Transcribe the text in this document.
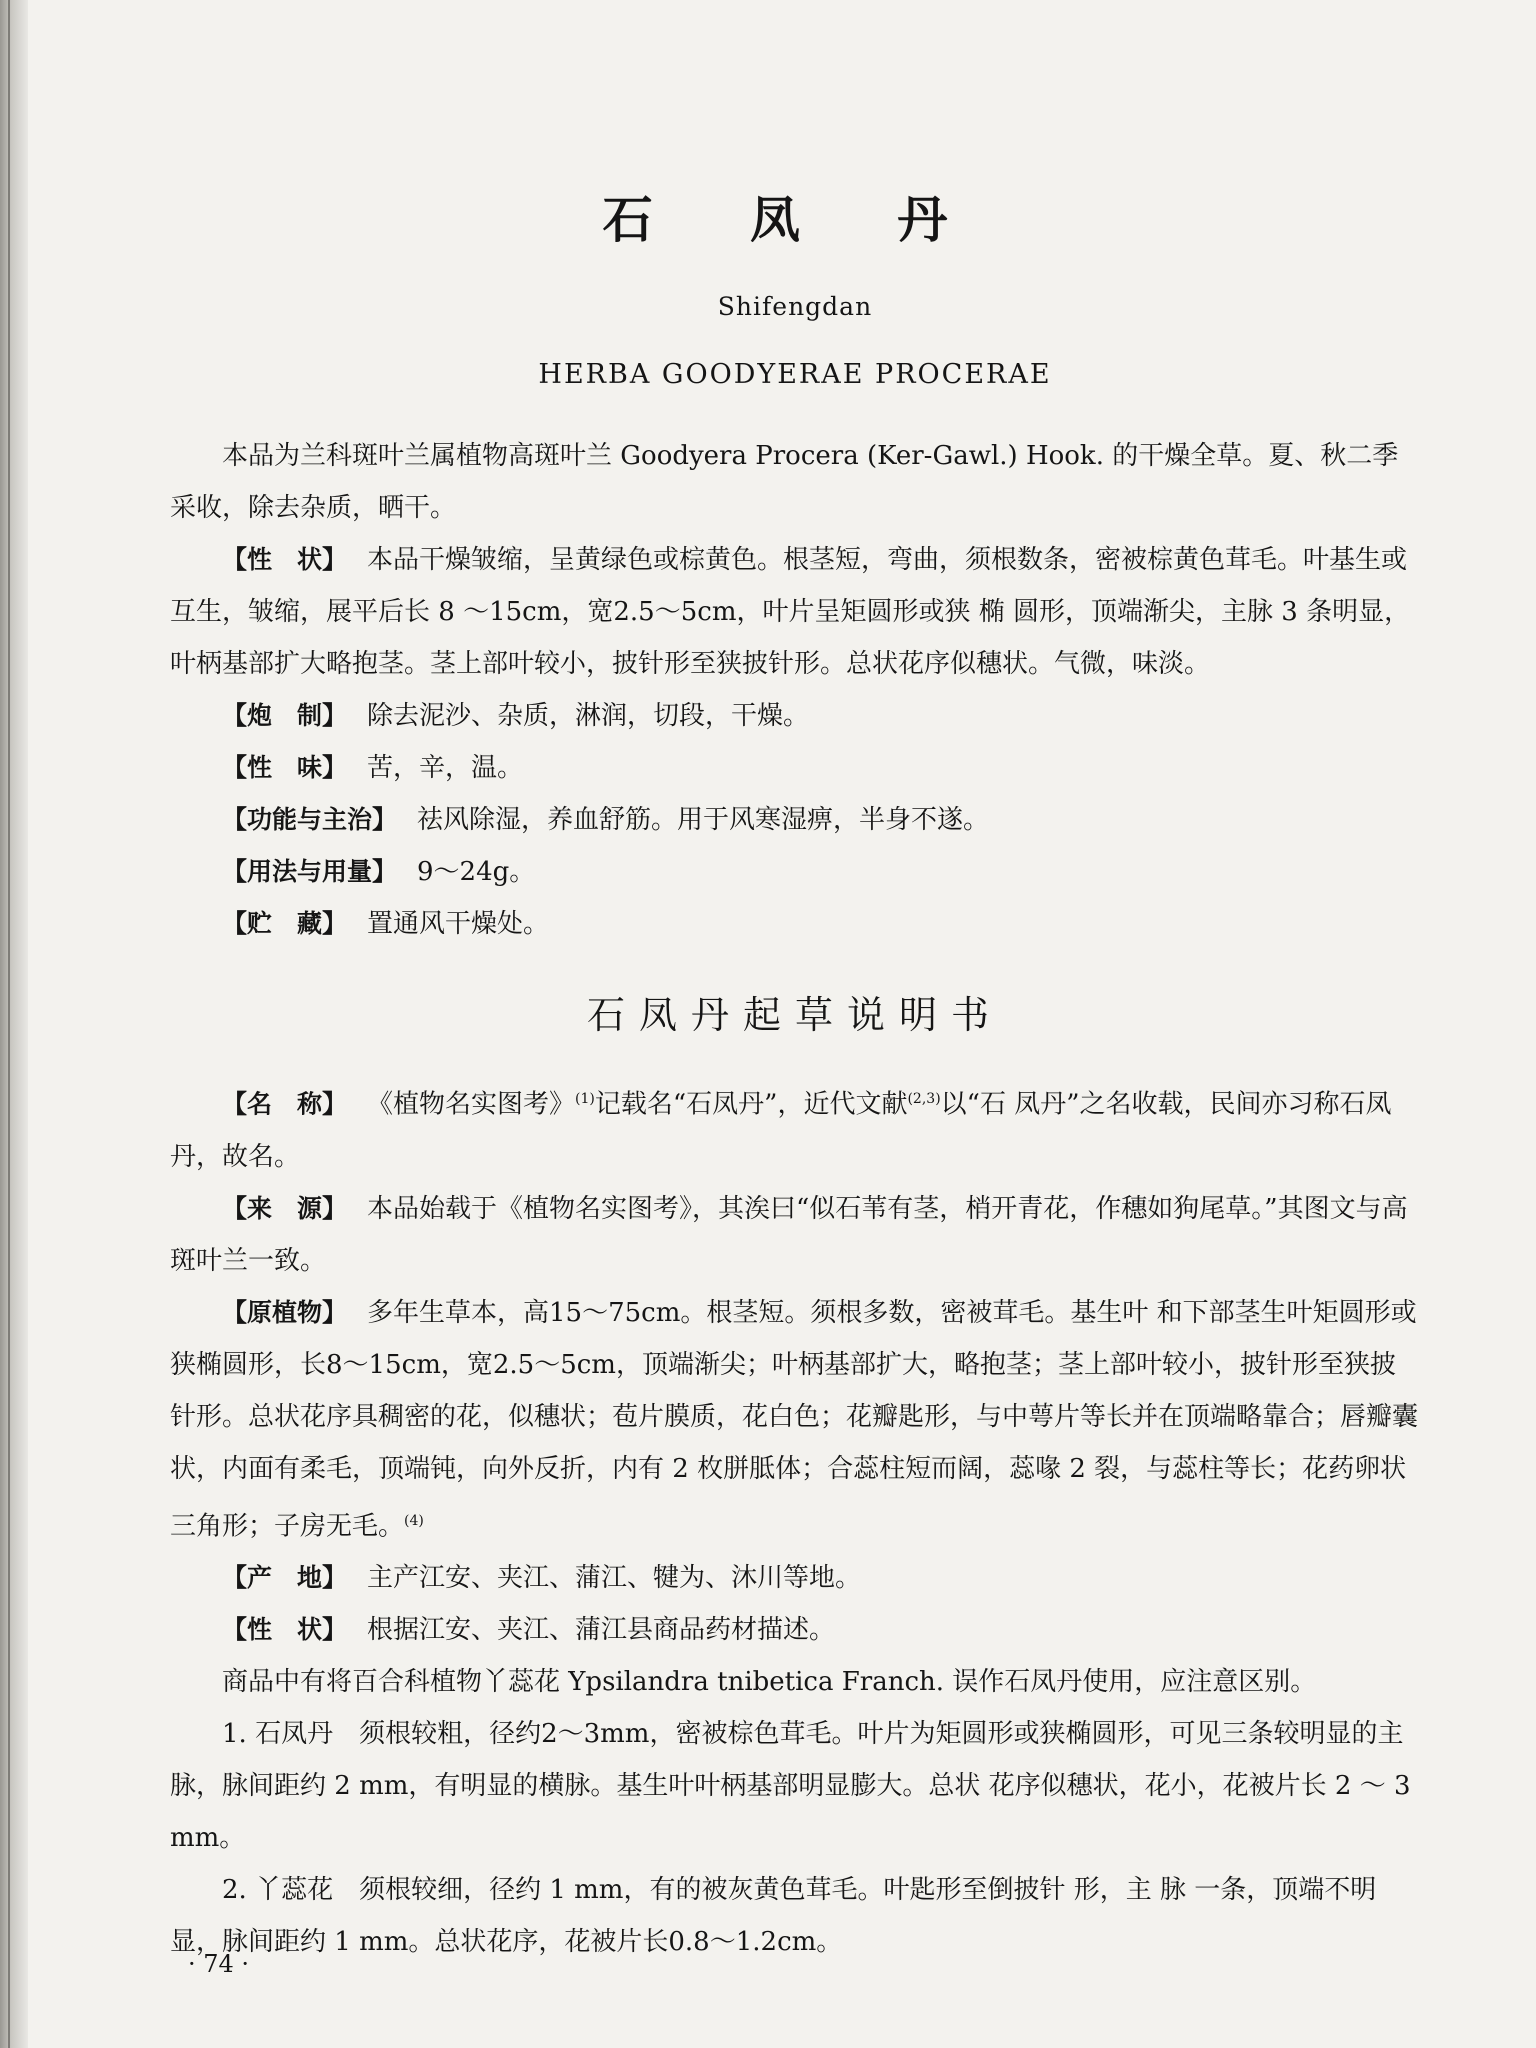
石 凤 丹
Shifengdan
HERBA GOODYERAE PROCERAE

本品为兰科斑叶兰属植物高斑叶兰 Goodyera Procera (Ker-Gawl.) Hook. 的干燥全草。夏、秋二季采收，除去杂质，晒干。

【性　状】 本品干燥皱缩，呈黄绿色或棕黄色。根茎短，弯曲，须根数条，密被棕黄色茸毛。叶基生或互生，皱缩，展平后长 8 ～15cm，宽2.5～5cm，叶片呈矩圆形或狭 椭 圆形，顶端渐尖，主脉 3 条明显，叶柄基部扩大略抱茎。茎上部叶较小，披针形至狭披针形。总状花序似穗状。气微，味淡。

【炮　制】 除去泥沙、杂质，淋润，切段，干燥。

【性　味】 苦，辛，温。

【功能与主治】 祛风除湿，养血舒筋。用于风寒湿痹，半身不遂。

【用法与用量】 9～24g。

【贮　藏】 置通风干燥处。

石凤丹起草说明书

【名　称】 《植物名实图考》$^{(1)}$记载名“石凤丹”，近代文献$^{(2,3)}$以“石 凤丹”之名收载，民间亦习称石凤丹，故名。

【来　源】 本品始载于《植物名实图考》，其涘曰“似石苇有茎，梢开青花，作穗如狗尾草。”其图文与高斑叶兰一致。

【原植物】 多年生草本，高15～75cm。根茎短。须根多数，密被茸毛。基生叶 和下部茎生叶矩圆形或狭椭圆形，长8～15cm，宽2.5～5cm，顶端渐尖；叶柄基部扩大，略抱茎；茎上部叶较小，披针形至狭披针形。总状花序具稠密的花，似穗状；苞片膜质，花白色；花瓣匙形，与中萼片等长并在顶端略靠合；唇瓣囊状，内面有柔毛，顶端钝，向外反折，内有 2 枚胼胝体；合蕊柱短而阔，蕊喙 2 裂，与蕊柱等长；花药卵状三角形；子房无毛。$^{(4)}$

【产　地】 主产江安、夹江、蒲江、犍为、沐川等地。

【性　状】 根据江安、夹江、蒲江县商品药材描述。

商品中有将百合科植物丫蕊花 Ypsilandra tnibetica Franch. 误作石凤丹使用，应注意区别。

1. 石凤丹　须根较粗，径约2～3mm，密被棕色茸毛。叶片为矩圆形或狭椭圆形，可见三条较明显的主脉，脉间距约 2 mm，有明显的横脉。基生叶叶柄基部明显膨大。总状 花序似穗状，花小，花被片长 2 ～ 3 mm。

2. 丫蕊花　须根较细，径约 1 mm，有的被灰黄色茸毛。叶匙形至倒披针 形，主 脉 一条，顶端不明显，脉间距约 1 mm。总状花序，花被片长0.8～1.2cm。

· 74 ·
